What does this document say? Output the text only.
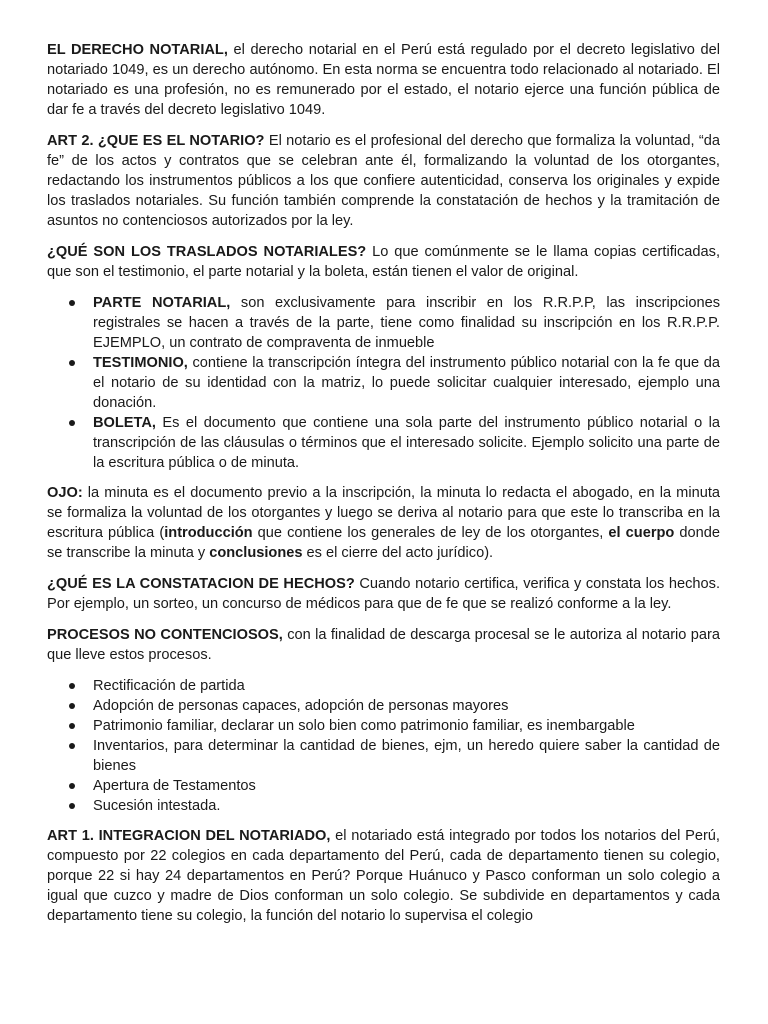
EL DERECHO NOTARIAL, el derecho notarial en el Perú está regulado por el decreto legislativo del notariado 1049, es un derecho autónomo. En esta norma se encuentra todo relacionado al notariado. El notariado es una profesión, no es remunerado por el estado, el notario ejerce una función pública de dar fe a través del decreto legislativo 1049.

ART 2. ¿QUE ES EL NOTARIO? El notario es el profesional del derecho que formaliza la voluntad, “da fe” de los actos y contratos que se celebran ante él, formalizando la voluntad de los otorgantes, redactando los instrumentos públicos a los que confiere autenticidad, conserva los originales y expide los traslados notariales. Su función también comprende la constatación de hechos y la tramitación de asuntos no contenciosos autorizados por la ley.

¿QUÉ SON LOS TRASLADOS NOTARIALES? Lo que comúnmente se le llama copias certificadas, que son el testimonio, el parte notarial y la boleta, están tienen el valor de original.

PARTE NOTARIAL, son exclusivamente para inscribir en los R.R.P.P, las inscripciones registrales se hacen a través de la parte, tiene como finalidad su inscripción en los R.R.P.P. EJEMPLO, un contrato de compraventa de inmueble
TESTIMONIO, contiene la transcripción íntegra del instrumento público notarial con la fe que da el notario de su identidad con la matriz, lo puede solicitar cualquier interesado, ejemplo una donación.
BOLETA, Es el documento que contiene una sola parte del instrumento público notarial o la transcripción de las cláusulas o términos que el interesado solicite. Ejemplo solicito una parte de la escritura pública o de minuta.

OJO: la minuta es el documento previo a la inscripción, la minuta lo redacta el abogado, en la minuta se formaliza la voluntad de los otorgantes y luego se deriva al notario para que este lo transcriba en la escritura pública (introducción que contiene los generales de ley de los otorgantes, el cuerpo donde se transcribe la minuta y conclusiones es el cierre del acto jurídico).

¿QUÉ ES LA CONSTATACION DE HECHOS? Cuando notario certifica, verifica y constata los hechos. Por ejemplo, un sorteo, un concurso de médicos para que de fe que se realizó conforme a la ley.

PROCESOS NO CONTENCIOSOS, con la finalidad de descarga procesal se le autoriza al notario para que lleve estos procesos.

Rectificación de partida
Adopción de personas capaces, adopción de personas mayores
Patrimonio familiar, declarar un solo bien como patrimonio familiar, es inembargable
Inventarios, para determinar la cantidad de bienes, ejm, un heredo quiere saber la cantidad de bienes
Apertura de Testamentos
Sucesión intestada.

ART 1. INTEGRACION DEL NOTARIADO, el notariado está integrado por todos los notarios del Perú, compuesto por 22 colegios en cada departamento del Perú, cada de departamento tienen su colegio, porque 22 si hay 24 departamentos en Perú? Porque Huánuco y Pasco conforman un solo colegio a igual que cuzco y madre de Dios conforman un solo colegio. Se subdivide en departamentos y cada departamento tiene su colegio, la función del notario lo supervisa el colegio
